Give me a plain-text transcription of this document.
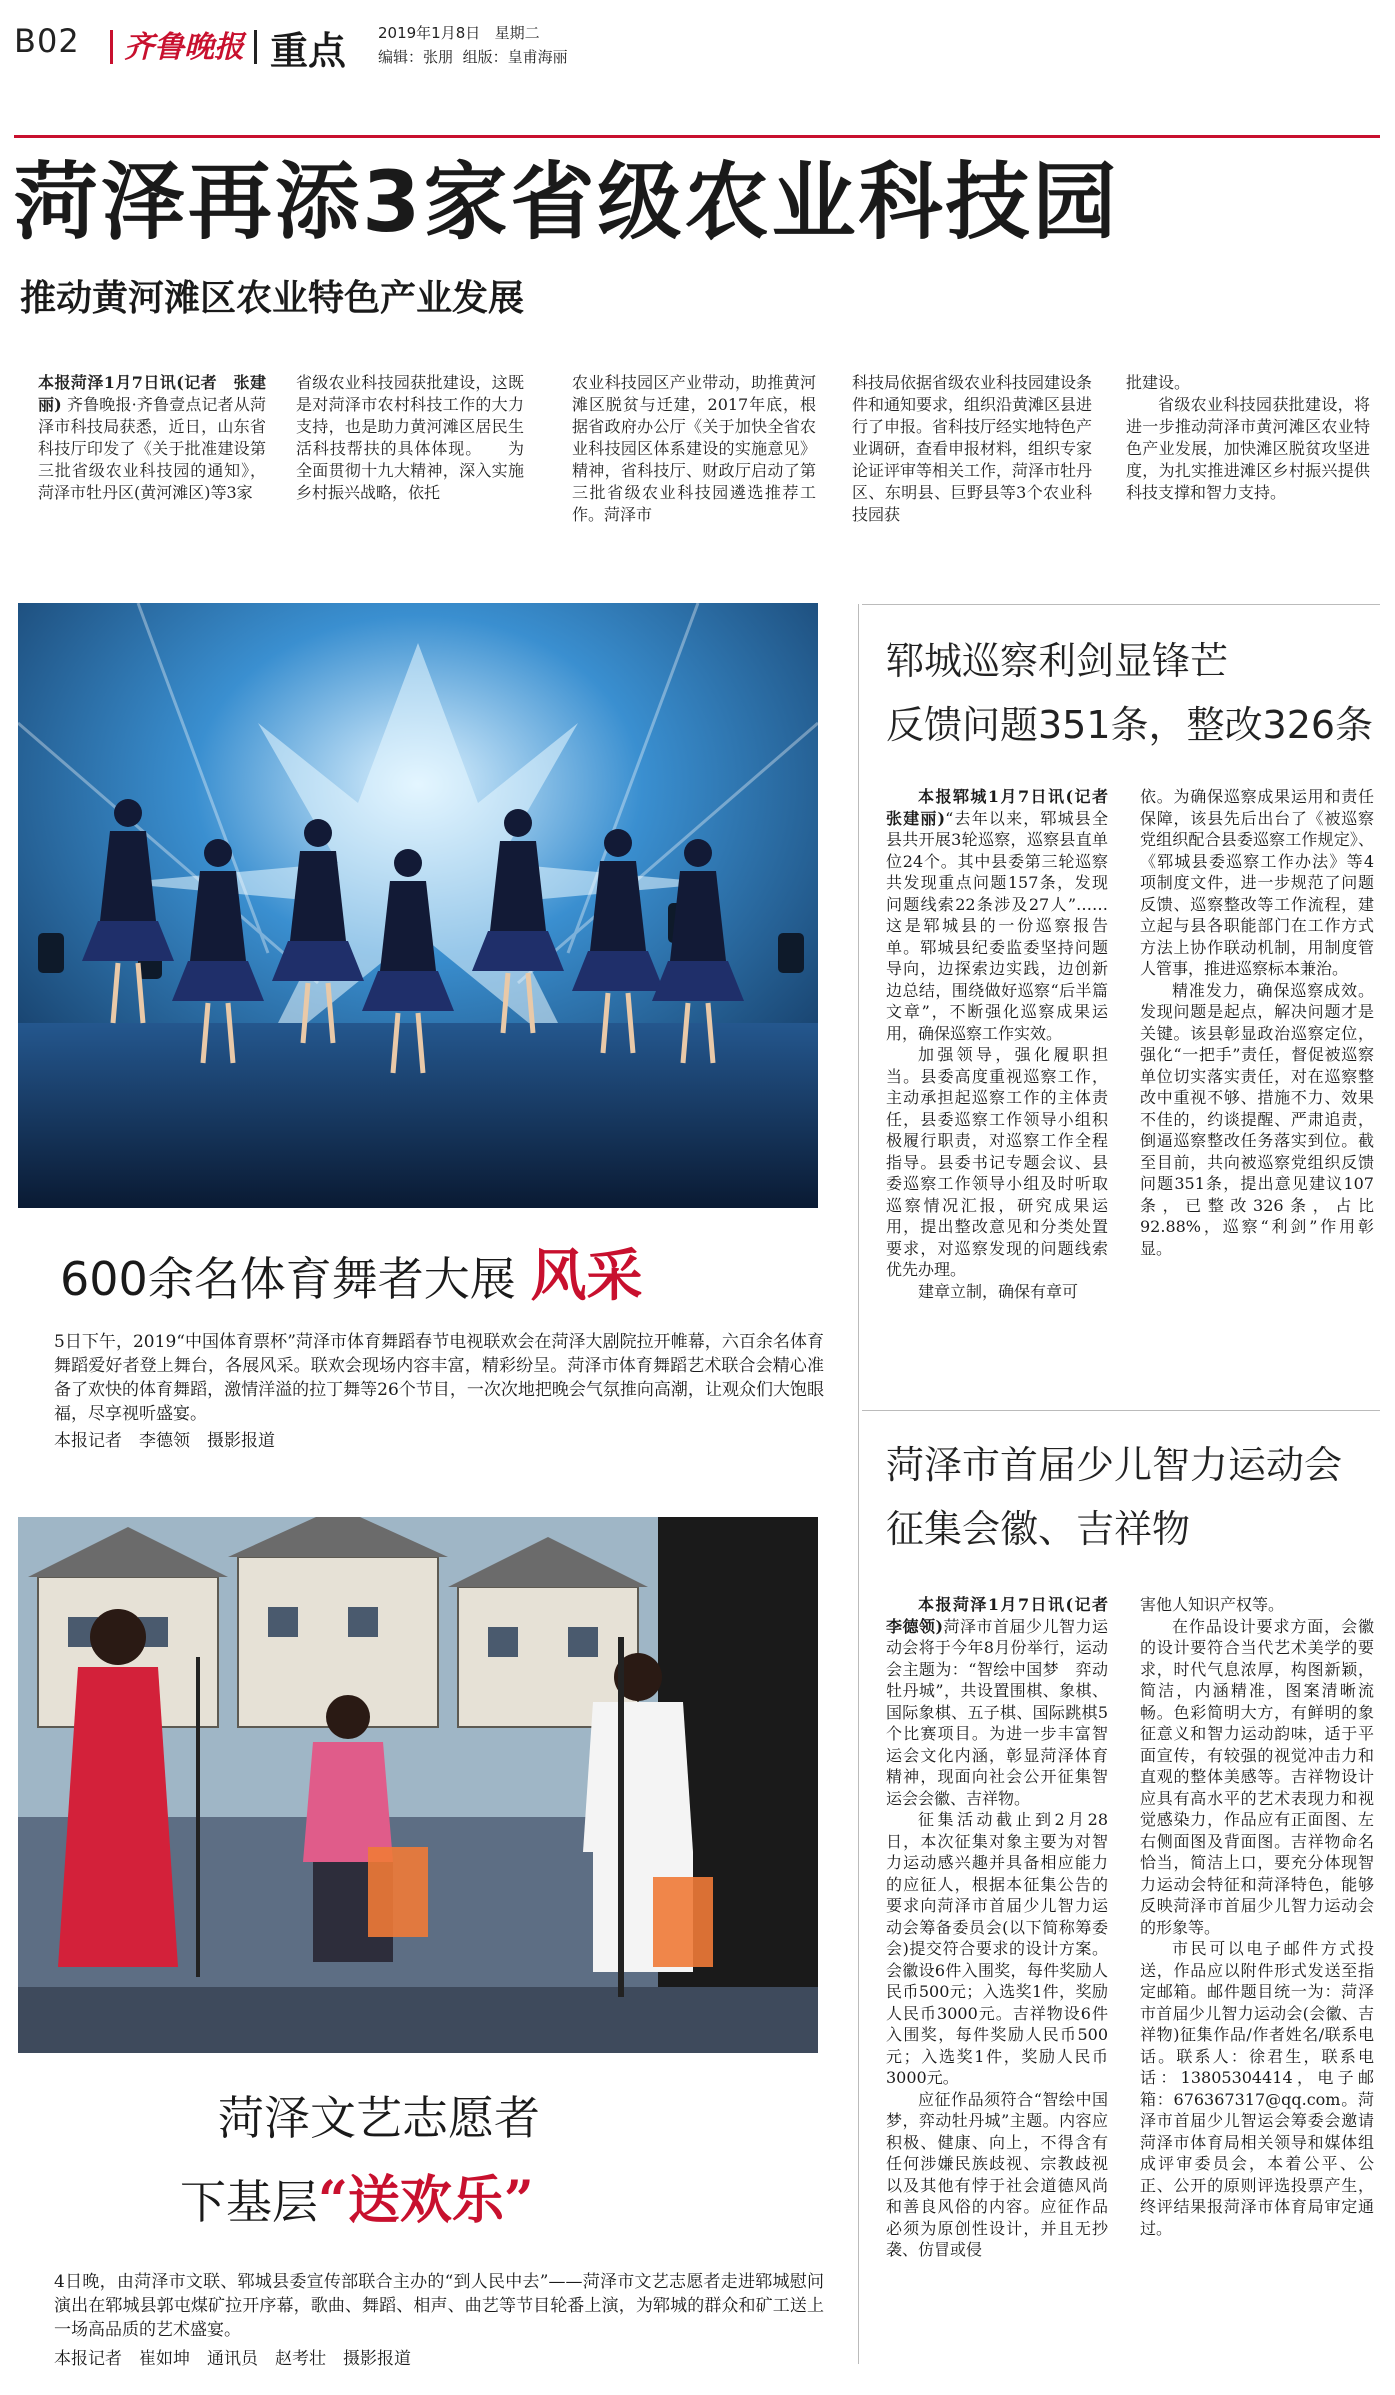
B02 齐鲁晚报 重点 2019年1月8日 星期二
编辑：张朋 组版：皇甫海丽
菏泽再添3家省级农业科技园
推动黄河滩区农业特色产业发展
本报菏泽1月7日讯(记者　张建丽) 齐鲁晚报·齐鲁壹点记者从菏泽市科技局获悉，近日，山东省科技厅印发了《关于批准建设第三批省级农业科技园的通知》，菏泽市牡丹区(黄河滩区)等3家
省级农业科技园获批建设，这既是对菏泽市农村科技工作的大力支持，也是助力黄河滩区居民生活科技帮扶的具体体现。　　为全面贯彻十九大精神，深入实施乡村振兴战略，依托
农业科技园区产业带动，助推黄河滩区脱贫与迁建，2017年底，根据省政府办公厅《关于加快全省农业科技园区体系建设的实施意见》精神，省科技厅、财政厅启动了第三批省级农业科技园遴选推荐工作。菏泽市
科技局依据省级农业科技园建设条件和通知要求，组织沿黄滩区县进行了申报。省科技厅经实地特色产业调研，查看申报材料，组织专家论证评审等相关工作，菏泽市牡丹区、东明县、巨野县等3个农业科技园获
批建设。
省级农业科技园获批建设，将进一步推动菏泽市黄河滩区农业特色产业发展，加快滩区脱贫攻坚进度，为扎实推进滩区乡村振兴提供科技支撑和智力支持。
600余名体育舞者大展 风采
5日下午，2019“中国体育票杯”菏泽市体育舞蹈春节电视联欢会在菏泽大剧院拉开帷幕，六百余名体育舞蹈爱好者登上舞台，各展风采。联欢会现场内容丰富，精彩纷呈。菏泽市体育舞蹈艺术联合会精心准备了欢快的体育舞蹈，激情洋溢的拉丁舞等26个节目，一次次地把晚会气氛推向高潮，让观众们大饱眼福，尽享视听盛宴。
本报记者　李德领　摄影报道
菏泽文艺志愿者
下基层“送欢乐”
4日晚，由菏泽市文联、郓城县委宣传部联合主办的“到人民中去”——菏泽市文艺志愿者走进郓城慰问演出在郓城县郭屯煤矿拉开序幕，歌曲、舞蹈、相声、曲艺等节目轮番上演，为郓城的群众和矿工送上一场高品质的艺术盛宴。
本报记者　崔如坤　通讯员　赵考壮　摄影报道
郓城巡察利剑显锋芒
反馈问题351条，整改326条

本报郓城1月7日讯(记者　张建丽)“去年以来，郓城县全县共开展3轮巡察，巡察县直单位24个。其中县委第三轮巡察共发现重点问题157条，发现问题线索22条涉及27人”……这是郓城县的一份巡察报告单。郓城县纪委监委坚持问题导向，边探索边实践，边创新边总结，围绕做好巡察“后半篇文章”，不断强化巡察成果运用，确保巡察工作实效。

加强领导，强化履职担当。县委高度重视巡察工作，主动承担起巡察工作的主体责任，县委巡察工作领导小组积极履行职责，对巡察工作全程指导。县委书记专题会议、县委巡察工作领导小组及时听取巡察情况汇报，研究成果运用，提出整改意见和分类处置要求，对巡察发现的问题线索优先办理。

建章立制，确保有章可

依。为确保巡察成果运用和责任保障，该县先后出台了《被巡察党组织配合县委巡察工作规定》、《郓城县委巡察工作办法》等4项制度文件，进一步规范了问题反馈、巡察整改等工作流程，建立起与县各职能部门在工作方式方法上协作联动机制，用制度管人管事，推进巡察标本兼治。

精准发力，确保巡察成效。发现问题是起点，解决问题才是关键。该县彰显政治巡察定位，强化“一把手”责任，督促被巡察单位切实落实责任，对在巡察整改中重视不够、措施不力、效果不佳的，约谈提醒、严肃追责，倒逼巡察整改任务落实到位。截至目前，共向被巡察党组织反馈问题351条，提出意见建议107条，已整改326条，占比92.88%，巡察“利剑”作用彰显。

菏泽市首届少儿智力运动会
征集会徽、吉祥物

本报菏泽1月7日讯(记者　李德领)菏泽市首届少儿智力运动会将于今年8月份举行，运动会主题为：“智绘中国梦　弈动牡丹城”，共设置围棋、象棋、国际象棋、五子棋、国际跳棋5个比赛项目。为进一步丰富智运会文化内涵，彰显菏泽体育精神，现面向社会公开征集智运会会徽、吉祥物。

征集活动截止到2月28日，本次征集对象主要为对智力运动感兴趣并具备相应能力的应征人，根据本征集公告的要求向菏泽市首届少儿智力运动会筹备委员会(以下简称筹委会)提交符合要求的设计方案。会徽设6件入围奖，每件奖励人民币500元；入选奖1件，奖励人民币3000元。吉祥物设6件入围奖，每件奖励人民币500元；入选奖1件，奖励人民币3000元。

应征作品须符合“智绘中国梦，弈动牡丹城”主题。内容应积极、健康、向上，不得含有任何涉嫌民族歧视、宗教歧视以及其他有悖于社会道德风尚和善良风俗的内容。应征作品必须为原创性设计，并且无抄袭、仿冒或侵

害他人知识产权等。

在作品设计要求方面，会徽的设计要符合当代艺术美学的要求，时代气息浓厚，构图新颖，简洁，内涵精准，图案清晰流畅。色彩简明大方，有鲜明的象征意义和智力运动韵味，适于平面宣传，有较强的视觉冲击力和直观的整体美感等。吉祥物设计应具有高水平的艺术表现力和视觉感染力，作品应有正面图、左右侧面图及背面图。吉祥物命名恰当，简洁上口，要充分体现智力运动会特征和菏泽特色，能够反映菏泽市首届少儿智力运动会的形象等。

市民可以电子邮件方式投送，作品应以附件形式发送至指定邮箱。邮件题目统一为：菏泽市首届少儿智力运动会(会徽、吉祥物)征集作品/作者姓名/联系电话。联系人：徐君生，联系电话：13805304414，电子邮箱：676367317@qq.com。菏泽市首届少儿智运会筹委会邀请菏泽市体育局相关领导和媒体组成评审委员会，本着公平、公正、公开的原则评选投票产生，终评结果报菏泽市体育局审定通过。
